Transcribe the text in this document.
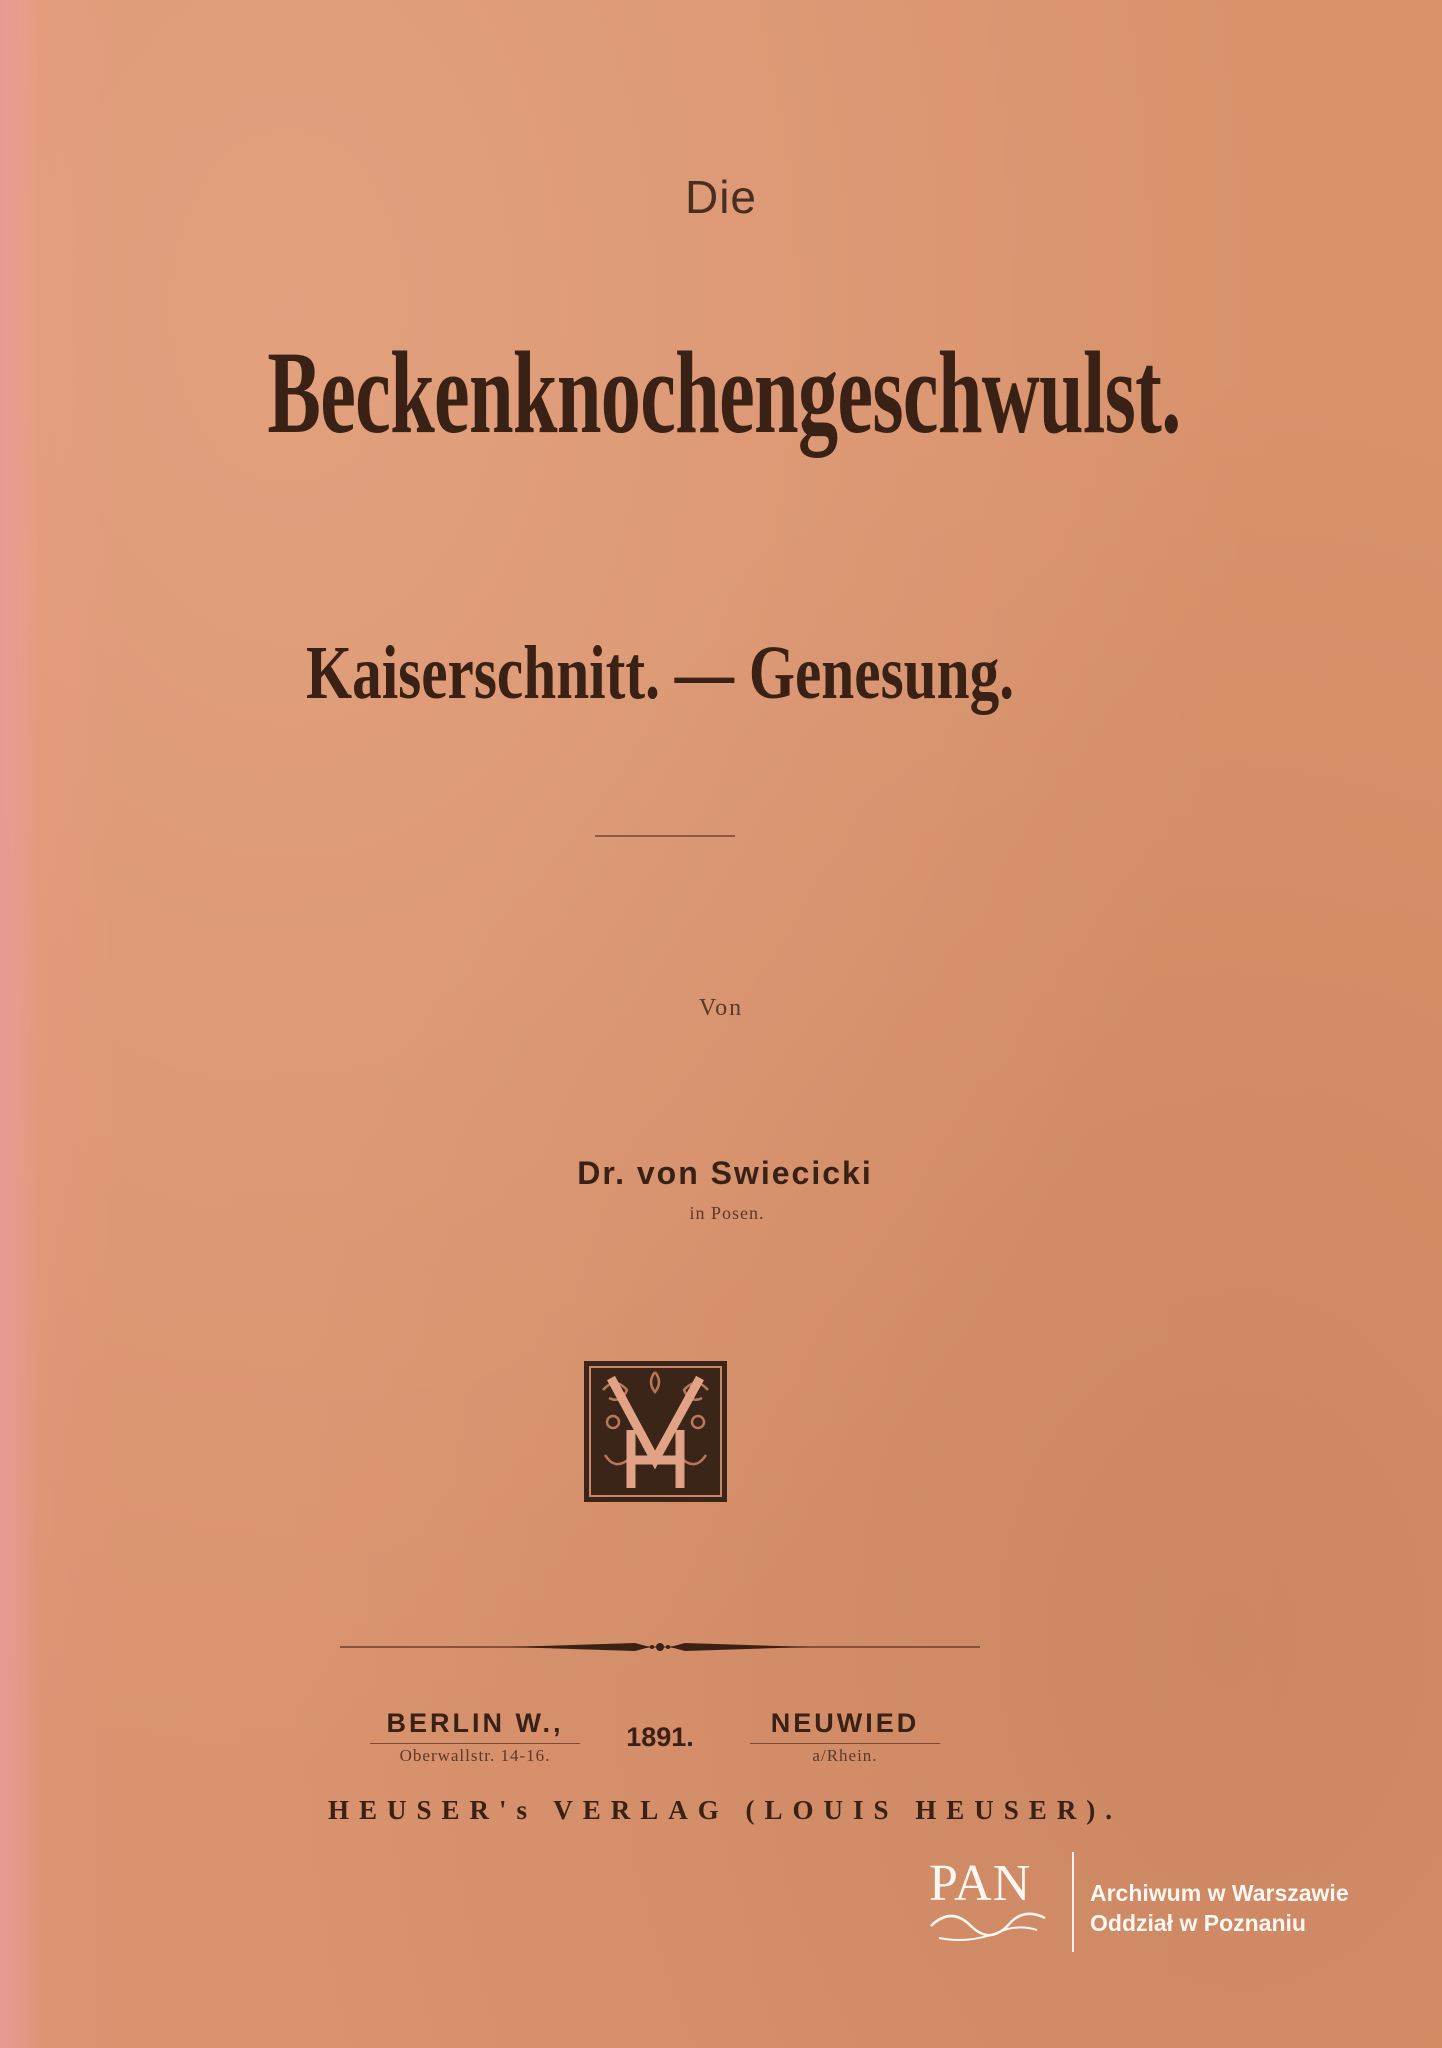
Die
Beckenknochengeschwulst.
Kaiserschnitt. — Genesung.
Von
Dr. von Swiecicki
in Posen.
BERLIN W.,
Oberwallstr. 14-16.
1891.	NEUWIED
a/Rhein.
HEUSER's VERLAG (LOUIS HEUSER).
PAN	Archiwum w Warszawie
Oddział w Poznaniu
